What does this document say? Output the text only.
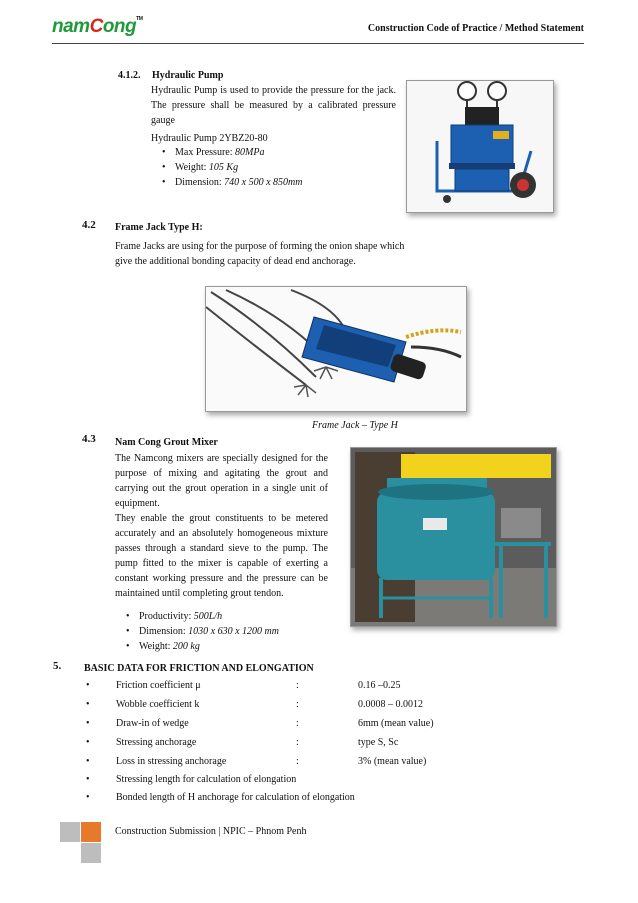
namCong™
Construction Code of Practice / Method Statement
4.1.2. Hydraulic Pump
Hydraulic Pump is used to provide the pressure for the jack. The pressure shall be measured by a calibrated pressure gauge
Hydraulic Pump 2YBZ20-80
• Max Pressure: 80MPa
• Weight: 105 Kg
• Dimension: 740 x 500 x 850mm
4.2 Frame Jack Type H:
Frame Jacks are using for the purpose of forming the onion shape which give the additional bonding capacity of dead end anchorage.
Frame Jack – Type H
4.3 Nam Cong Grout Mixer
The Namcong mixers are specially designed for the purpose of mixing and agitating the grout and carrying out the grout operation in a single unit of equipment.
They enable the grout constituents to be metered accurately and an absolutely homogeneous mixture passes through a standard sieve to the pump. The pump fitted to the mixer is capable of exerting a constant working pressure and the pressure can be maintained until completing grout tendon.
• Productivity: 500L/h
• Dimension: 1030 x 630 x 1200 mm
• Weight: 200 kg
5. BASIC DATA FOR FRICTION AND ELONGATION
•	Friction coefficient μ	:	0.16 –0.25
•	Wobble coefficient k	:	0.0008 – 0.0012
•	Draw-in of wedge	:	6mm (mean value)
•	Stressing anchorage	:	type S, Sc
•	Loss in stressing anchorage	:	3% (mean value)
•	Stressing length for calculation of elongation
•	Bonded length of H anchorage for calculation of elongation
Construction Submission | NPIC – Phnom Penh
